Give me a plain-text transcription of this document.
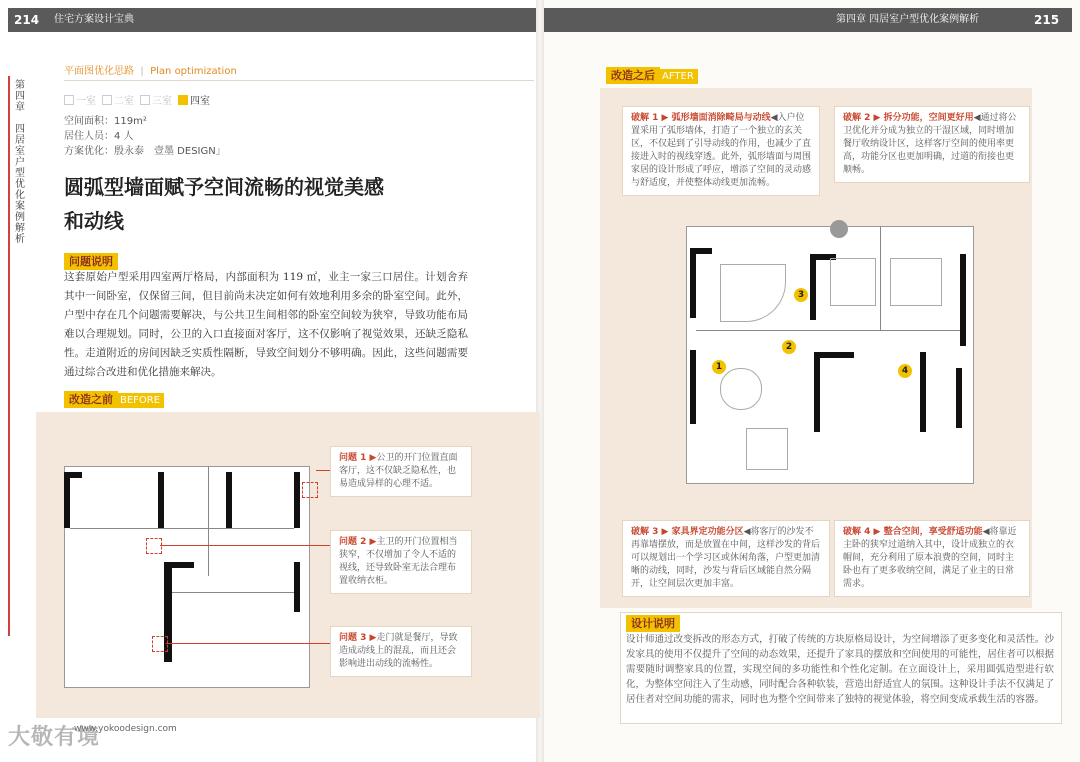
214 住宅方案设计宝典	第四章 四居室户型优化案例解析	215
第
四
章

四
居
室
户
型
优
化
案
例
解
析
平面图优化思路  |  Plan optimization
一室	二室	三室	四室
空间面积：119m²
居住人员：4 人
方案优化：殷永泰　壹墨 DESIGN」
圆弧型墙面赋予空间流畅的视觉美感
和动线
问题说明
这套原始户型采用四室两厅格局，内部面积为 119 ㎡，业主一家三口居住。计划舍弃其中一间卧室，仅保留三间，但目前尚未决定如何有效地利用多余的卧室空间。此外，户型中存在几个问题需要解决，与公共卫生间相邻的卧室空间较为狭窄，导致功能布局难以合理规划。同时，公卫的入口直接面对客厅，这不仅影响了视觉效果，还缺乏隐私性。走道附近的房间因缺乏实质性隔断，导致空间划分不够明确。因此，这些问题需要通过综合改进和优化措施来解决。
改造之前 BEFORE
问题 1 ▶公卫的开门位置直面客厅，这不仅缺乏隐私性，也易造成异样的心理不适。
问题 2 ▶主卫的开门位置相当狭窄，不仅增加了令人不适的视线，还导致卧室无法合理布置收纳衣柜。
问题 3 ▶走门就是餐厅，导致造成动线上的混乱，而且还会影响进出动线的流畅性。
www.yokoodesign.com
大敬有境
改造之后 AFTER
破解 1 ▶ 弧形墙面消除畸局与动线◀入户位置采用了弧形墙体，打造了一个独立的玄关区，不仅起到了引导动线的作用，也减少了直接进入时的视线穿透。此外，弧形墙面与周围家居的设计形成了呼应，增添了空间的灵动感与舒适度，并使整体动线更加流畅。
破解 2 ▶ 拆分功能，空间更好用◀通过将公卫优化并分成为独立的干湿区域，同时增加餐厅收纳设计区，这样客厅空间的使用率更高，功能分区也更加明确，过道的衔接也更顺畅。
3
2
1	4
破解 3 ▶ 家具界定功能分区◀将客厅的沙发不再靠墙摆放，而是放置在中间，这样沙发的背后可以规划出一个学习区或休闲角落，户型更加清晰的动线，同时，沙发与背后区域能自然分隔开，让空间层次更加丰富。
破解 4 ▶ 整合空间，享受舒适功能◀将靠近主卧的狭窄过道纳入其中，设计成独立的衣帽间，充分利用了原本浪费的空间，同时主卧也有了更多收纳空间，满足了业主的日常需求。
设计说明
设计师通过改变拆改的形态方式，打破了传统的方块原格局设计，为空间增添了更多变化和灵活性。沙发家具的使用不仅提升了空间的动态效果，还提升了家具的摆放和空间使用的可能性，居住者可以根据需要随时调整家具的位置，实现空间的多功能性和个性化定制。在立面设计上，采用圆弧造型进行软化，为整体空间注入了生动感，同时配合各种软装，营造出舒适宜人的氛围。这种设计手法不仅满足了居住者对空间功能的需求，同时也为整个空间带来了独特的视觉体验，将空间变成承载生活的容器。
